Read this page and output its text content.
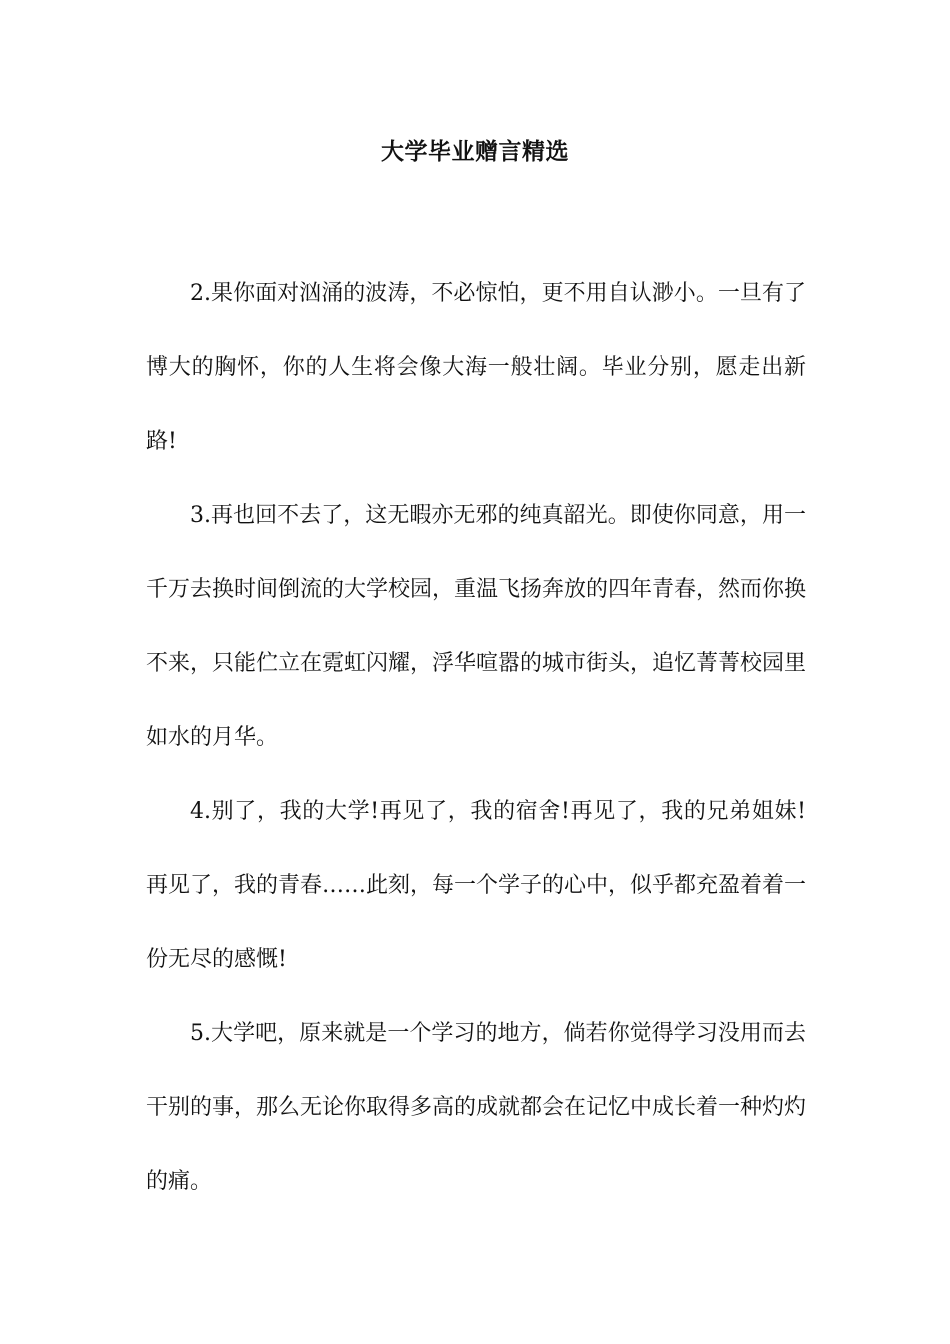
大学毕业赠言精选

2.果你面对汹涌的波涛，不必惊怕，更不用自认渺小。一旦有了博大的胸怀，你的人生将会像大海一般壮阔。毕业分别，愿走出新路!

3.再也回不去了，这无暇亦无邪的纯真韶光。即使你同意，用一千万去换时间倒流的大学校园，重温飞扬奔放的四年青春，然而你换不来，只能伫立在霓虹闪耀，浮华喧嚣的城市街头，追忆菁菁校园里如水的月华。

4.别了，我的大学!再见了，我的宿舍!再见了，我的兄弟姐妹!再见了，我的青春……此刻，每一个学子的心中，似乎都充盈着着一份无尽的感慨!

5.大学吧，原来就是一个学习的地方，倘若你觉得学习没用而去干别的事，那么无论你取得多高的成就都会在记忆中成长着一种灼灼的痛。
